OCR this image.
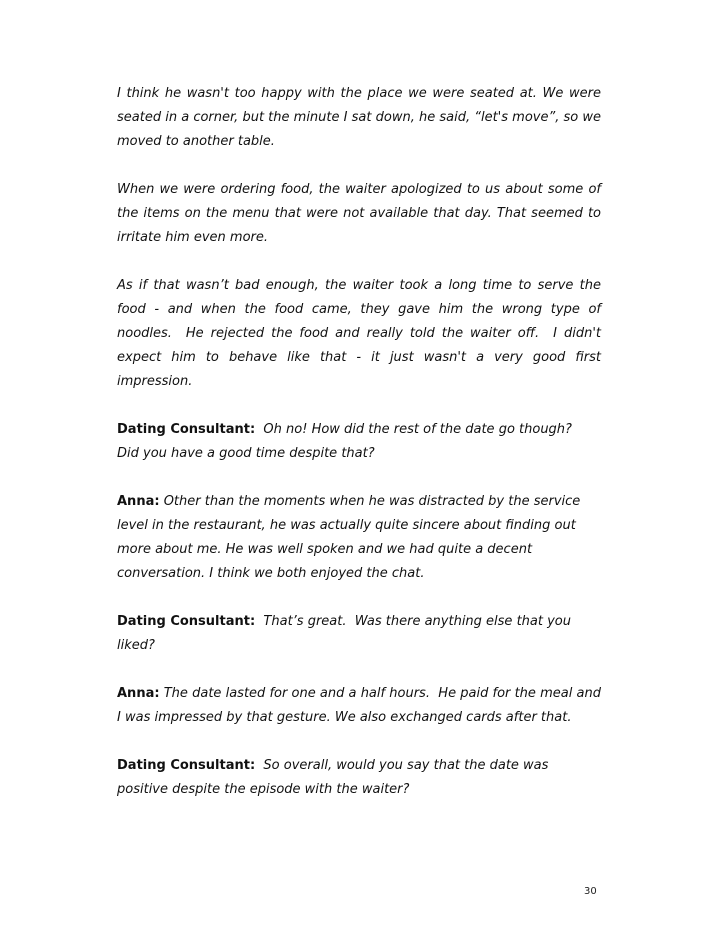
I think he wasn't too happy with the place we were seated at. We were seated in a corner, but the minute I sat down, he said, “let's move”, so we moved to another table.

When we were ordering food, the waiter apologized to us about some of the items on the menu that were not available that day. That seemed to irritate him even more.

As if that wasn’t bad enough, the waiter took a long time to serve the food - and when the food came, they gave him the wrong type of noodles.  He rejected the food and really told the waiter off.  I didn't expect him to behave like that - it just wasn't a very good first impression.

Dating Consultant: Oh no! How did the rest of the date go though? Did you have a good time despite that?

Anna: Other than the moments when he was distracted by the service level in the restaurant, he was actually quite sincere about finding out more about me. He was well spoken and we had quite a decent conversation. I think we both enjoyed the chat.

Dating Consultant: That’s great.  Was there anything else that you liked?

Anna: The date lasted for one and a half hours.  He paid for the meal and I was impressed by that gesture. We also exchanged cards after that.

Dating Consultant: So overall, would you say that the date was positive despite the episode with the waiter?

30
